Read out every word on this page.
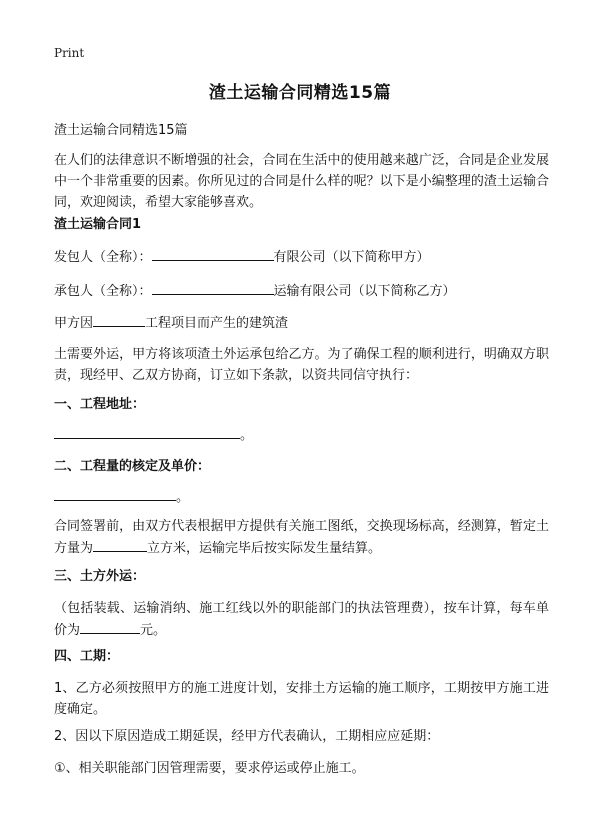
Print
渣土运输合同精选15篇
渣土运输合同精选15篇
在人们的法律意识不断增强的社会，合同在生活中的使用越来越广泛，合同是企业发展中一个非常重要的因素。你所见过的合同是什么样的呢？以下是小编整理的渣土运输合同，欢迎阅读，希望大家能够喜欢。
渣土运输合同1
发包人（全称）：	有限公司（以下简称甲方）
承包人（全称）：	运输有限公司（以下简称乙方）
甲方因	工程项目而产生的建筑渣
土需要外运，甲方将该项渣土外运承包给乙方。为了确保工程的顺利进行，明确双方职责，现经甲、乙双方协商，订立如下条款，以资共同信守执行：
一、工程地址：
。
二、工程量的核定及单价：
。
合同签署前，由双方代表根据甲方提供有关施工图纸，交换现场标高，经测算，暂定土方量为	立方米，运输完毕后按实际发生量结算。
三、土方外运：
（包括装载、运输消纳、施工红线以外的职能部门的执法管理费），按车计算，每车单价为	元。
四、工期：
1、乙方必须按照甲方的施工进度计划，安排土方运输的施工顺序，工期按甲方施工进度确定。
2、因以下原因造成工期延误，经甲方代表确认，工期相应应延期：
①、相关职能部门因管理需要，要求停运或停止施工。
